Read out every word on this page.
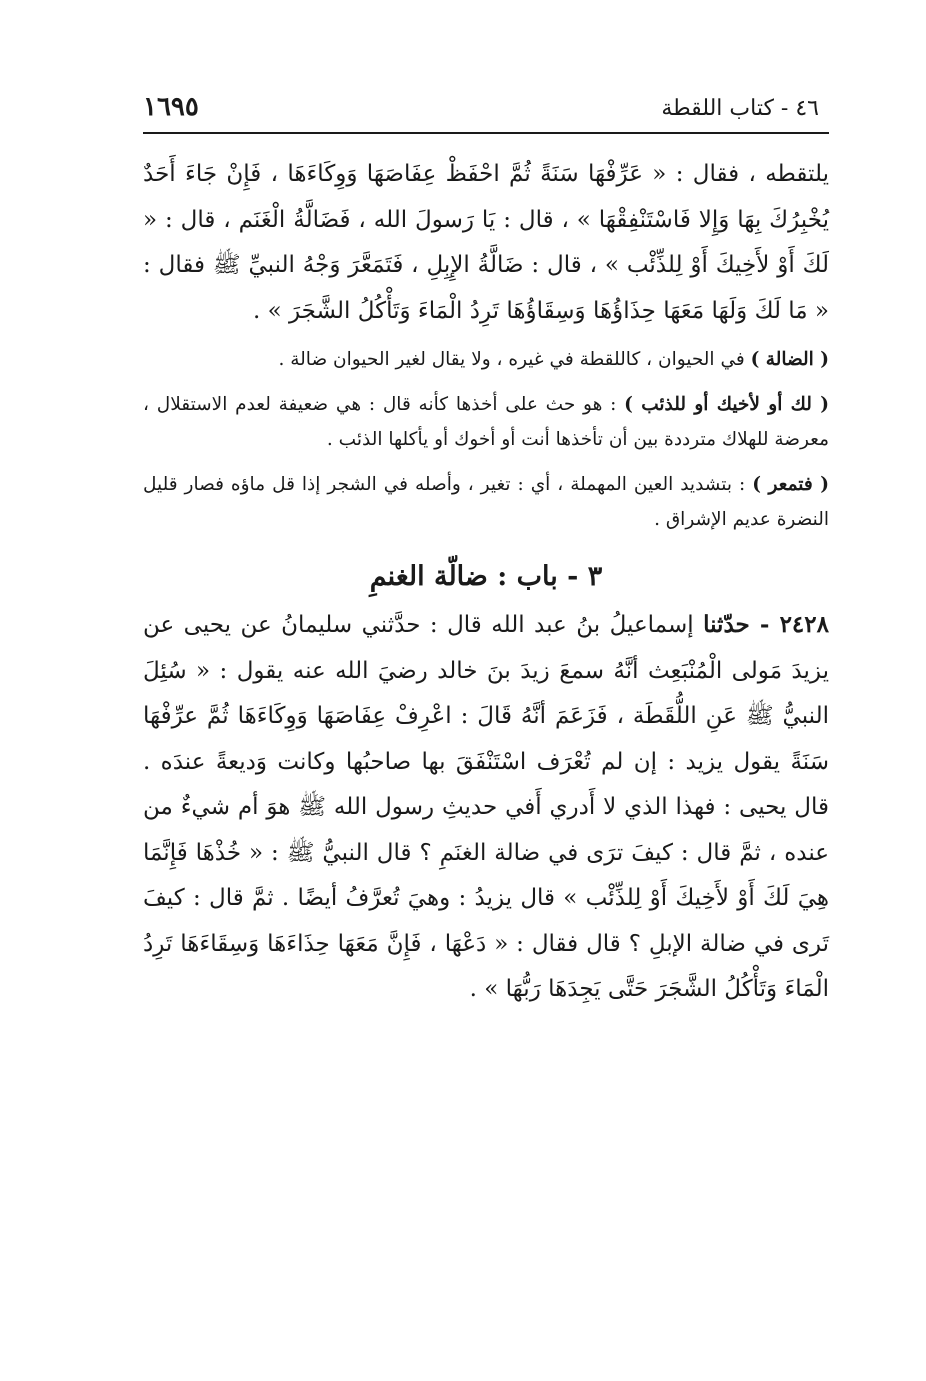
٤٦ - كتاب اللقطة
١٦٩٥

يلتقطه ، فقال : « عَرِّفْهَا سَنَةً ثُمَّ احْفَظْ عِفَاصَهَا وَوِكَاءَهَا ، فَإِنْ جَاءَ أَحَدٌ يُخْبِرُكَ بِهَا وَإِلا فَاسْتَنْفِقْهَا » ، قال : يَا رَسولَ الله ، فَضَالَّةُ الْغَنَم ، قال : « لَكَ أَوْ لأَخِيكَ أَوْ لِلذِّئْب » ، قال : ضَالَّةُ الإِبِلِ ، فَتَمَعَّرَ وَجْهُ النبيِّ ﷺ فقال : « مَا لَكَ وَلَهَا مَعَهَا حِذَاؤُهَا وَسِقَاؤُهَا تَرِدُ الْمَاءَ وَتَأْكُلُ الشَّجَرَ » .

( الضالة ) في الحيوان ، كاللقطة في غيره ، ولا يقال لغير الحيوان ضالة .

( لك أو لأخيك أو للذئب ) : هو حث على أخذها كأنه قال : هي ضعيفة لعدم الاستقلال ، معرضة للهلاك مترددة بين أن تأخذها أنت أو أخوك أو يأكلها الذئب .

( فتمعر ) : بتشديد العين المهملة ، أي : تغير ، وأصله في الشجر إذا قل ماؤه فصار قليل النضرة عديم الإشراق .

٣ - باب : ضالّة الغنمِ
٢٤٢٨ - حدّثنا إسماعيلُ بنُ عبد الله قال : حدَّثني سليمانُ عن يحيى عن يزيدَ مَولى الْمُنْبَعِث أنَّهُ سمعَ زيدَ بنَ خالد رضيَ الله عنه يقول : « سُئِلَ النبيُّ ﷺ عَنِ اللُّقَطَة ، فَزَعَمَ أنَّهُ قَالَ : اعْرِفْ عِفَاصَهَا وَوِكَاءَهَا ثُمَّ عرِّفْهَا سَنَةً يقول يزيد : إن لم تُعْرَف اسْتَنْفَقَ بها صاحبُها وكانت وَديعةً عندَه . قال يحيى : فهذا الذي لا أَدري أَفي حديثِ رسول الله ﷺ هوَ أم شيءٌ من عنده ، ثمَّ قال : كيفَ ترَى في ضالة الغنَمِ ؟ قال النبيُّ ﷺ : « خُذْهَا فَإِنَّمَا هِيَ لَكَ أَوْ لأَخِيكَ أَوْ لِلذِّئْب » قال يزيدُ : وهيَ تُعرَّفُ أيضًا . ثمَّ قال : كيفَ تَرى في ضالة الإبلِ ؟ قال فقال : « دَعْهَا ، فَإِنَّ مَعَهَا حِذَاءَهَا وَسِقَاءَهَا تَرِدُ الْمَاءَ وَتَأْكُلُ الشَّجَرَ حَتَّى يَجِدَهَا رَبُّهَا » .
